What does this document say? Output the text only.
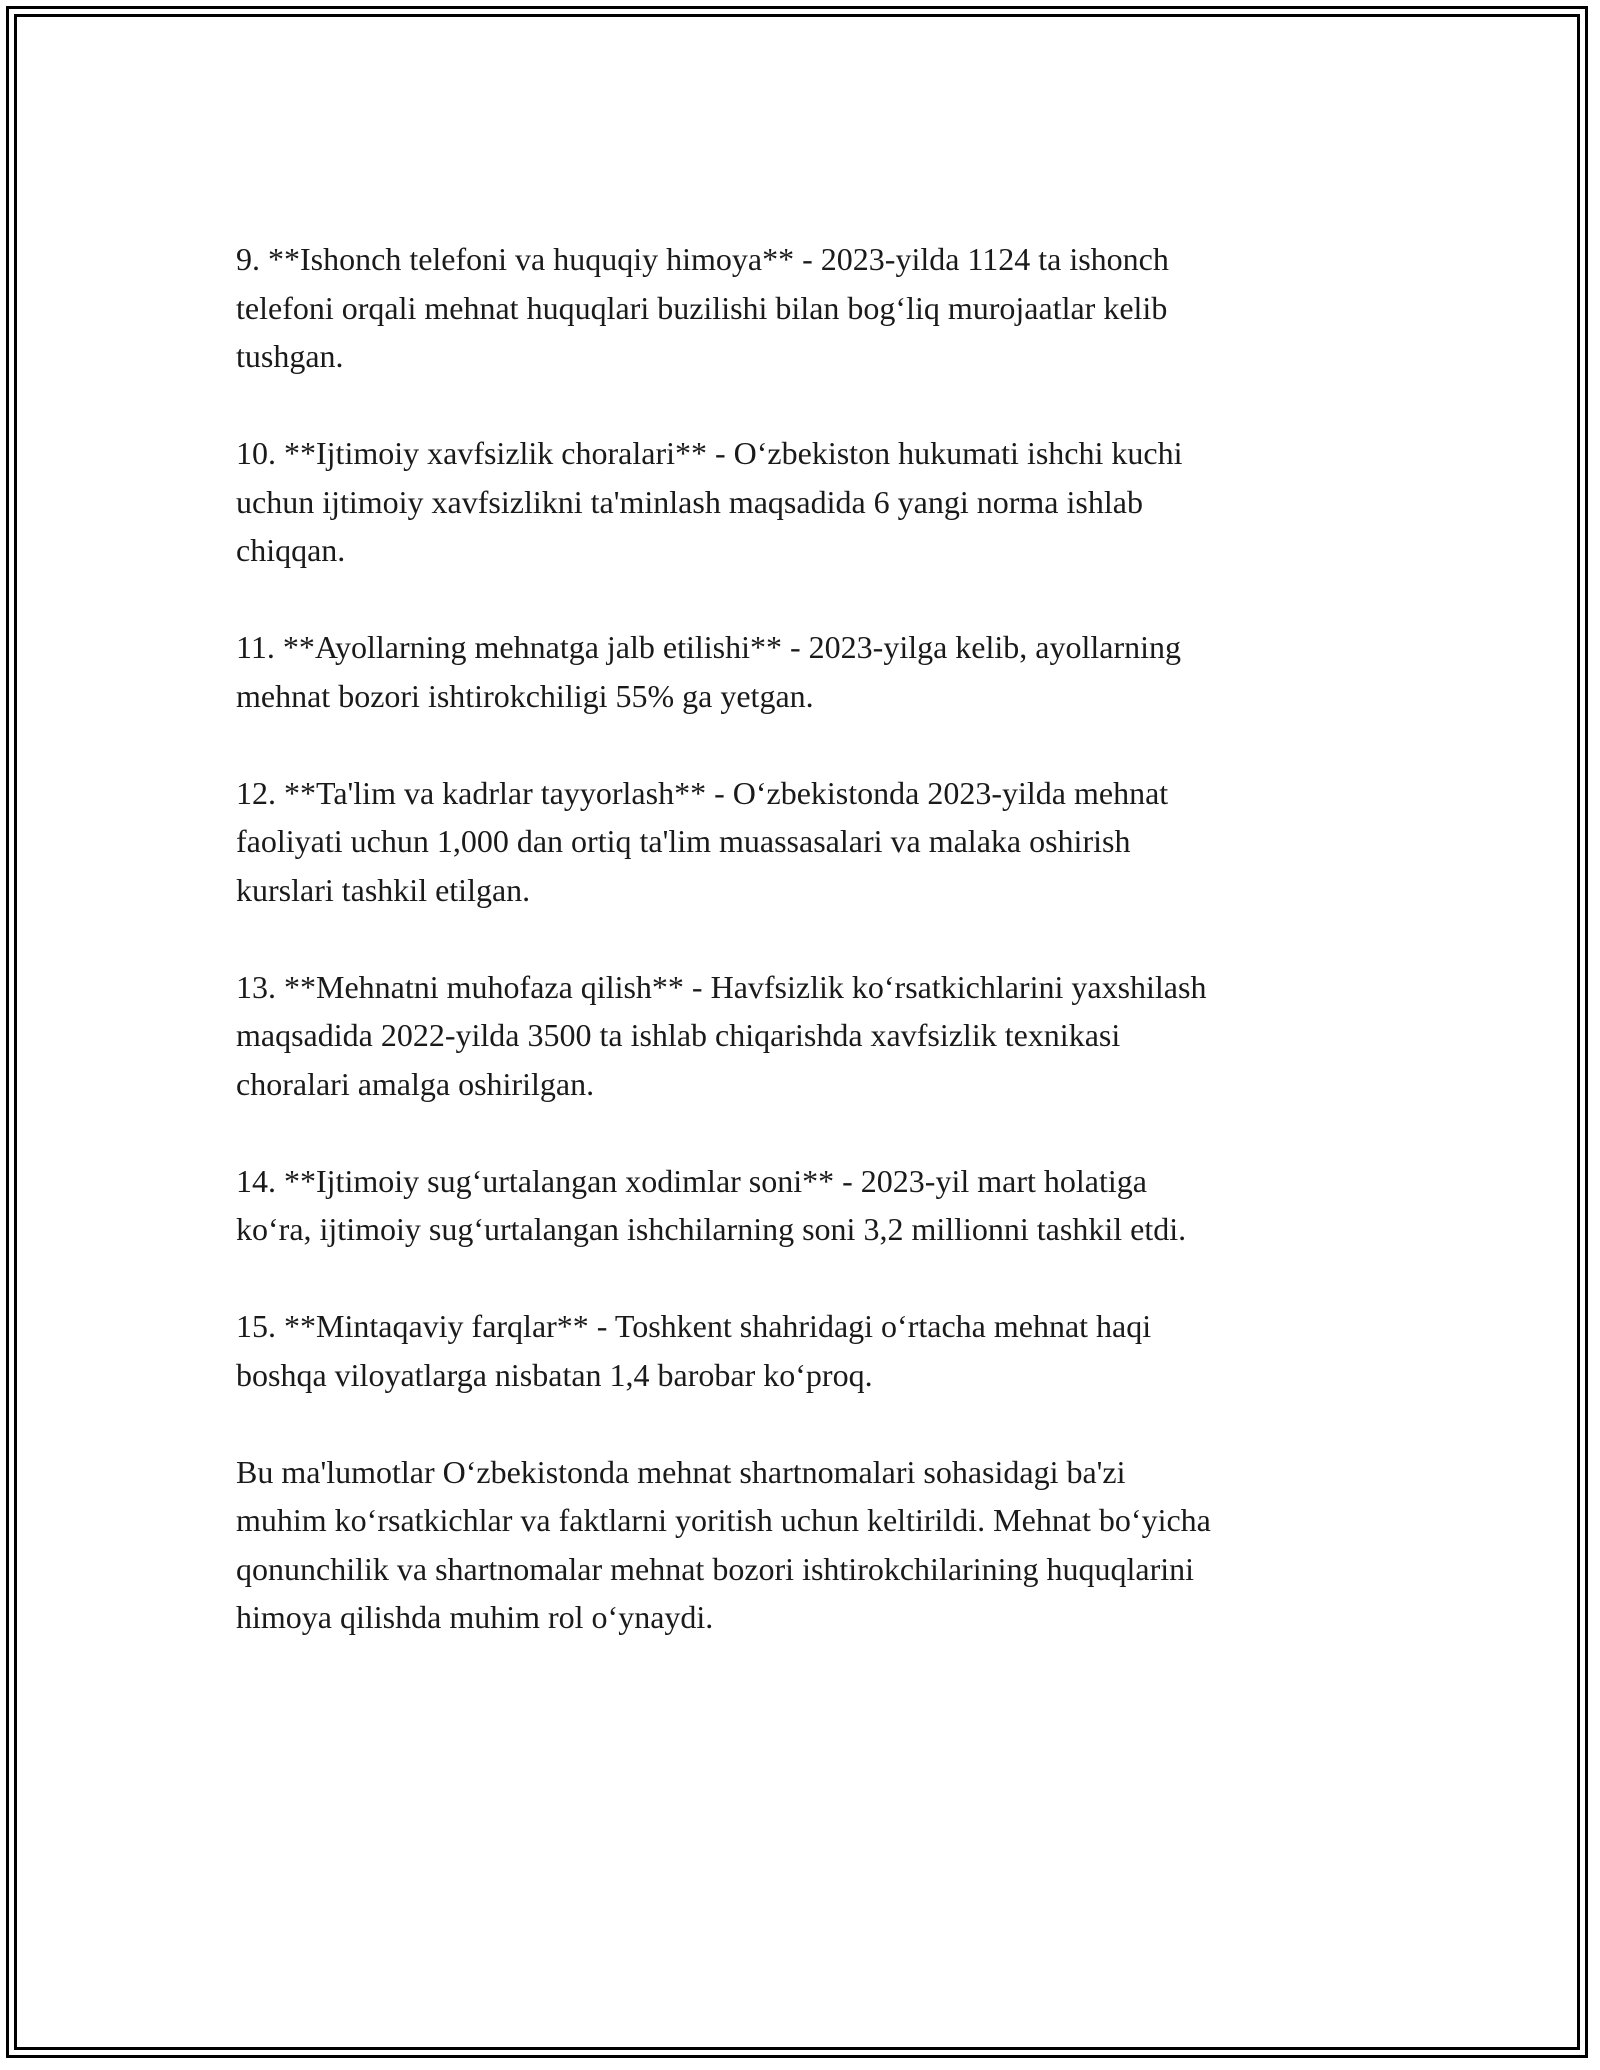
9. **Ishonch telefoni va huquqiy himoya** - 2023-yilda 1124 ta ishonch
telefoni orqali mehnat huquqlari buzilishi bilan bog‘liq murojaatlar kelib
tushgan.

10. **Ijtimoiy xavfsizlik choralari** - O‘zbekiston hukumati ishchi kuchi
uchun ijtimoiy xavfsizlikni ta'minlash maqsadida 6 yangi norma ishlab
chiqqan.

11. **Ayollarning mehnatga jalb etilishi** - 2023-yilga kelib, ayollarning
mehnat bozori ishtirokchiligi 55% ga yetgan.

12. **Ta'lim va kadrlar tayyorlash** - O‘zbekistonda 2023-yilda mehnat
faoliyati uchun 1,000 dan ortiq ta'lim muassasalari va malaka oshirish
kurslari tashkil etilgan.

13. **Mehnatni muhofaza qilish** - Havfsizlik ko‘rsatkichlarini yaxshilash
maqsadida 2022-yilda 3500 ta ishlab chiqarishda xavfsizlik texnikasi
choralari amalga oshirilgan.

14. **Ijtimoiy sug‘urtalangan xodimlar soni** - 2023-yil mart holatiga
ko‘ra, ijtimoiy sug‘urtalangan ishchilarning soni 3,2 millionni tashkil etdi.

15. **Mintaqaviy farqlar** - Toshkent shahridagi o‘rtacha mehnat haqi
boshqa viloyatlarga nisbatan 1,4 barobar ko‘proq.

Bu ma'lumotlar O‘zbekistonda mehnat shartnomalari sohasidagi ba'zi
muhim ko‘rsatkichlar va faktlarni yoritish uchun keltirildi. Mehnat bo‘yicha
qonunchilik va shartnomalar mehnat bozori ishtirokchilarining huquqlarini
himoya qilishda muhim rol o‘ynaydi.
